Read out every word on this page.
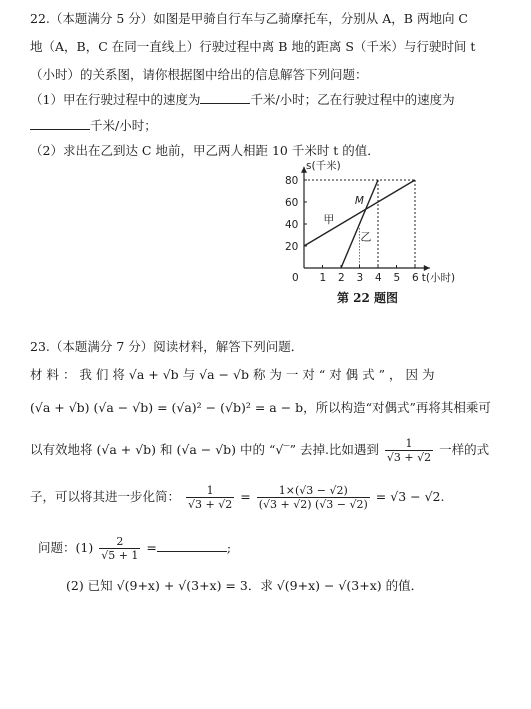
22.（本题满分 5 分）如图是甲骑自行车与乙骑摩托车，分别从 A，B 两地向 C
地（A，B，C 在同一直线上）行驶过程中离 B 地的距离 S（千米）与行驶时间 t
（小时）的关系图，请你根据图中给出的信息解答下列问题：
（1）甲在行驶过程中的速度为	千米/小时；乙在行驶过程中的速度为
千米/小时；
（2）求出在乙到达 C 地前，甲乙两人相距 10 千米时 t 的值．
s(千米)
t(小时)
0 1 2 3 4 5 6
20
40
60
80
甲
乙
M
第 22 题图
23.（本题满分 7 分）阅读材料，解答下列问题．
材 料 ： 我 们 将 √a + √b 与 √a − √b 称 为 一 对 “ 对 偶 式 ” ， 因 为
(√a + √b) (√a − √b) = (√a)² − (√b)² = a − b，所以构造“对偶式”再将其相乘可
以有效地将 (√a + √b) 和 (√a − √b) 中的 “√‾” 去掉.比如遇到 $\frac{1}{√3 + √2}$ 一样的式
子，可以将其进一步化简： $\frac{1}{√3 + √2} = \frac{1\times(√3 - √2)}{(√3 + √2) (√3 - √2)} = √3 - √2$.
问题：$(1) \frac{2}{√5 + 1}$ =	;
(2) 已知 √(9+x) + √(3+x) = 3．求 √(9+x) − √(3+x) 的值．
